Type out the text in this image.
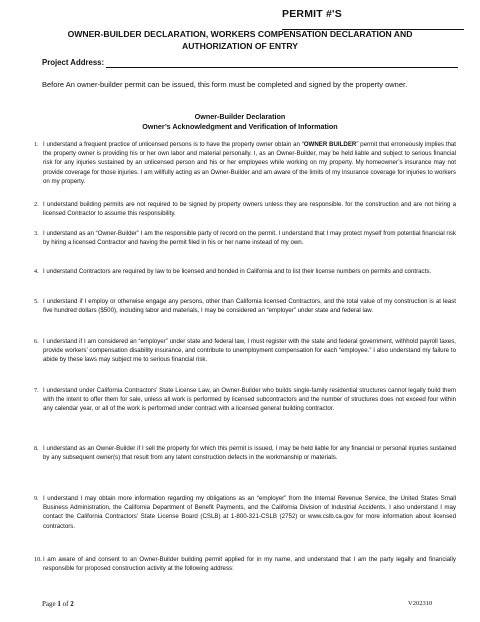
PERMIT #'S
OWNER-BUILDER DECLARATION, WORKERS COMPENSATION DECLARATION AND
AUTHORIZATION OF ENTRY
Project Address:
Before An owner-builder permit can be issued, this form must be completed and signed by the property owner.
Owner-Builder Declaration
Owner’s Acknowledgment and Verification of Information
1. I understand a frequent practice of unlicensed persons is to have the property owner obtain an “OWNER BUILDER” permit that erroneously implies that the property owner is providing his or her own labor and material personally. I, as an Owner-Builder, may be held liable and subject to serious financial risk for any injuries sustained by an unlicensed person and his or her employees while working on my property. My homeowner’s insurance may not provide coverage for those injuries. I am willfully acting as an Owner-Builder and am aware of the limits of my insurance coverage for injuries to workers on my property.
2. I understand building permits are not required to be signed by property owners unless they are responsible. for the construction and are not hiring a licensed Contractor to assume this responsibility.
3. I understand as an “Owner-Builder” I am the responsible party of record on the permit. I understand that I may protect myself from potential financial risk by hiring a licensed Contractor and having the permit filed in his or her name instead of my own.
4. I understand Contractors are required by law to be licensed and bonded in California and to list their license numbers on permits and contracts.
5. I understand if I employ or otherwise engage any persons, other than California licensed Contractors, and the total value of my construction is at least five hundred dollars ($500), including labor and materials, I may be considered an “employer” under state and federal law.
6. I understand if I am considered an “employer” under state and federal law, I must register with the state and federal government, withhold payroll taxes, provide workers’ compensation disability insurance, and contribute to unemployment compensation for each “employee.” I also understand my failure to abide by these laws may subject me to serious financial risk.
7. I understand under California Contractors’ State License Law, an Owner-Builder who builds single-family residential structures cannot legally build them with the intent to offer them for sale, unless all work is performed by licensed subcontractors and the number of structures does not exceed four within any calendar year, or all of the work is performed under contract with a licensed general building contractor.
8. I understand as an Owner-Builder if I sell the property for which this permit is issued, I may be held liable for any financial or personal injuries sustained by any subsequent owner(s) that result from any latent construction defects in the workmanship or materials.
9. I understand I may obtain more information regarding my obligations as an “employer” from the Internal Revenue Service, the United States Small Business Administration, the California Department of Benefit Payments, and the California Division of Industrial Accidents. I also understand I may contact the California Contractors’ State License Board (CSLB) at 1-800-321-CSLB (2752) or www.cslb.ca.gov for more information about licensed contractors.
10. I am aware of and consent to an Owner-Builder building permit applied for in my name, and understand that I am the party legally and financially responsible for proposed construction activity at the following address:
Page 1 of 2	V202310
